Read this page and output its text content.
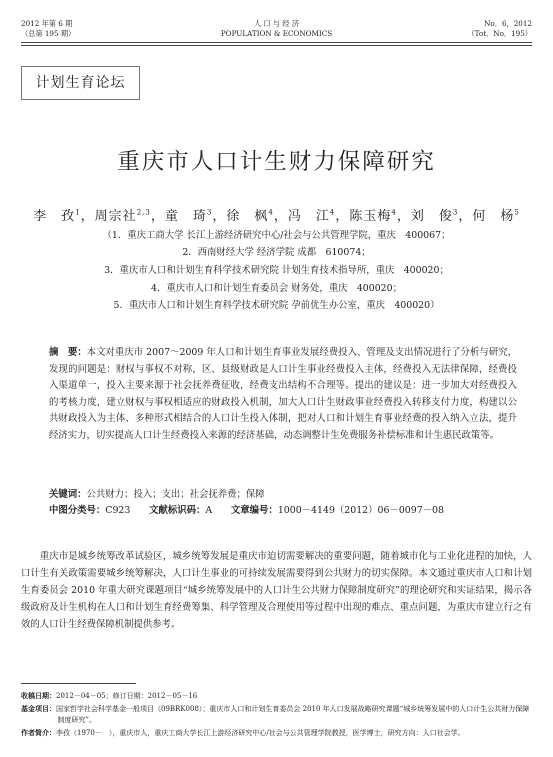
2012 年第 6 期
（总第 195 期）
人 口 与 经 济
POPULATION & ECONOMICS
No．6，2012
（Tot．No．195）
计划生育论坛
重庆市人口计生财力保障研究
李　孜$^1$，周宗社$^{2,3}$，童　琦$^3$，徐　枫$^4$，冯　江$^4$，陈玉梅$^4$，刘　俊$^3$，何　杨$^5$
（1．重庆工商大学 长江上游经济研究中心/社会与公共管理学院，重庆　400067；
2．西南财经大学 经济学院 成都　610074；
3．重庆市人口和计划生育科学技术研究院 计划生育技术指导所，重庆　400020；
4．重庆市人口和计划生育委员会 财务处，重庆　400020；
5．重庆市人口和计划生育科学技术研究院 孕前优生办公室，重庆　400020）
摘　要：本文对重庆市 2007～2009 年人口和计划生育事业发展经费投入、管理及支出情况进行了分析与研究，发现的问题是：财权与事权不对称，区、县级财政是人口计生事业经费投入主体，经费投入无法律保障，经费投入渠道单一，投入主要来源于社会抚养费征收，经费支出结构不合理等。提出的建议是：进一步加大对经费投入的考核力度，建立财权与事权相适应的财政投入机制，加大人口计生财政事业经费投入转移支付力度，构建以公共财政投入为主体、多种形式相结合的人口计生投入体制，把对人口和计划生育事业经费的投入纳入立法，提升经济实力，切实提高人口计生经费投入来源的经济基础，动态调整计生免费服务补偿标准和计生惠民政策等。
关键词：公共财力；投入；支出；社会抚养费；保障
中图分类号：C923　　 文献标识码：A　　 文章编号：1000－4149（2012）06－0097－08
重庆市是城乡统筹改革试验区，城乡统筹发展是重庆市迫切需要解决的重要问题，随着城市化与工业化进程的加快，人口计生有关政策需要城乡统筹解决，人口计生事业的可持续发展需要得到公共财力的切实保障。本文通过重庆市人口和计划生育委员会 2010 年重大研究课题项目“城乡统筹发展中的人口计生公共财力保障制度研究”的理论研究和实证结果，揭示各级政府及计生机构在人口和计划生育经费筹集、科学管理及合理使用等过程中出现的难点、重点问题，为重庆市建立行之有效的人口计生经费保障机制提供参考。
收稿日期：2012－04－05；修订日期：2012－05－16
基金项目：国家哲学社会科学基金一般项目（09BRK008）；重庆市人口和计划生育委员会 2010 年人口发展战略研究课题“城乡统筹发展中的人口计生公共财力保障制度研究”。
作者简介：李孜（1970－　），重庆市人，重庆工商大学长江上游经济研究中心/社会与公共管理学院教授，医学博士，研究方向：人口社会学。
